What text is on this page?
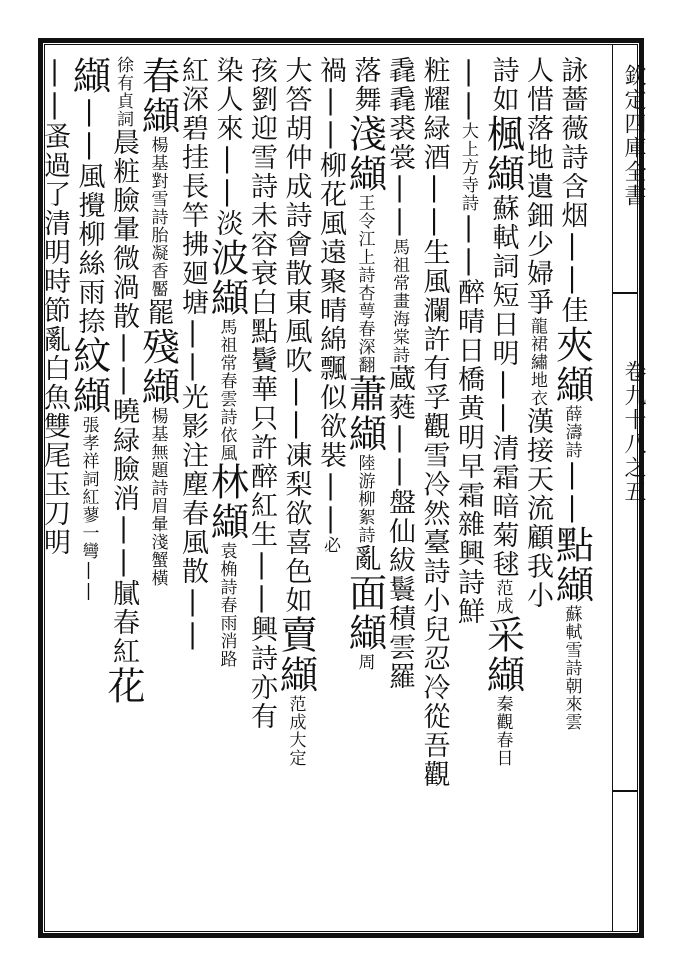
欽定四庫全書
卷九十八之五
詠薔薇詩含烟||佳夾纈薛濤詩||點纈蘇軾雪詩朝來雲
人惜落地遺鈿少婦爭龍裙繡地衣漢接天流顧我小
詩如楓纈蘇軾詞短日明||清霜暗菊毬范成采纈秦觀春日
||大上方寺詩||醉晴日橋黄明早霜雜興詩鮮
粧耀緑酒||生風瀾許有孚觀雪冷然臺詩小兒忍冷從吾觀
毳毳裘裳||馬祖常畫海棠詩蔵蕤||盤仙紱鬟積雲羅
落舞淺纈王令江上詩杏萼春深翻蕭纈陸游柳絮詩亂面纈周
禍||柳花風遠聚晴綿飄似欲裝||必
大答胡仲成詩會散東風吹||凍梨欲喜色如賣纈范成大定
孩劉迎雪詩未容衰白點鬢華只許醉紅生||興詩亦有
染人來||淡波纈馬祖常春雲詩依風林纈袁桷詩春雨消路
紅深碧挂長竿拂廻塘||光影注塵春風散||
春纈楊基對雪詩胎凝香靨罷殘纈楊基無題詩眉暈淺蟹橫
徐有貞詞晨粧臉暈微渦散||曉緑臉消||膩春紅花
纈||風攪柳絲雨捺紋纈張孝祥詞紅蓼一彎||
||蚤過了清明時節亂白魚雙尾玉刀明
